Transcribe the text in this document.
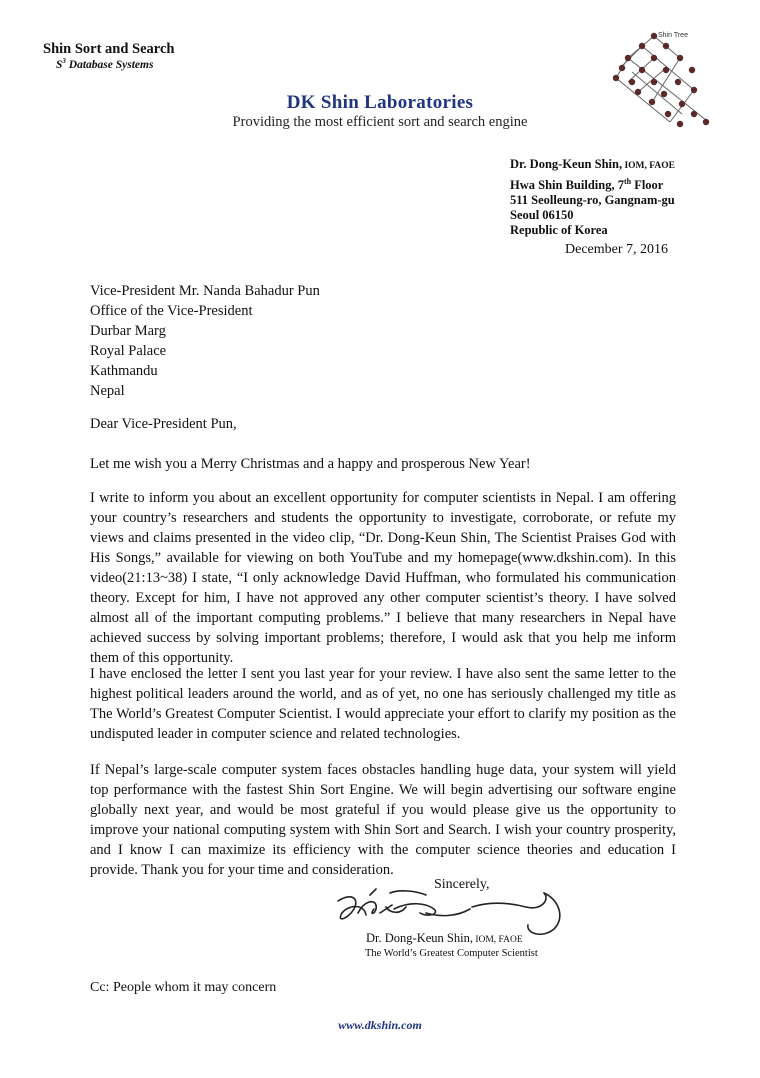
Shin Sort and Search
$S^3$ Database Systems
DK Shin Laboratories
Providing the most efficient sort and search engine
Shin Tree
Dr. Dong-Keun Shin, IOM, FAOE
Hwa Shin Building, 7th Floor
511 Seolleung-ro, Gangnam-gu
Seoul 06150
Republic of Korea
December 7, 2016
Vice-President Mr. Nanda Bahadur Pun
Office of the Vice-President
Durbar Marg
Royal Palace
Kathmandu
Nepal
Dear Vice-President Pun,

Let me wish you a Merry Christmas and a happy and prosperous New Year!

I write to inform you about an excellent opportunity for computer scientists in Nepal. I am offering your country’s researchers and students the opportunity to investigate, corroborate, or refute my views and claims presented in the video clip, “Dr. Dong-Keun Shin, The Scientist Praises God with His Songs,” available for viewing on both YouTube and my homepage(www.dkshin.com). In this video(21:13~38) I state, “I only acknowledge David Huffman, who formulated his communication theory. Except for him, I have not approved any other computer scientist’s theory. I have solved almost all of the important computing problems.” I believe that many researchers in Nepal have achieved success by solving important problems; therefore, I would ask that you help me inform them of this opportunity.

I have enclosed the letter I sent you last year for your review. I have also sent the same letter to the highest political leaders around the world, and as of yet, no one has seriously challenged my title as The World’s Greatest Computer Scientist. I would appreciate your effort to clarify my position as the undisputed leader in computer science and related technologies.

If Nepal’s large-scale computer system faces obstacles handling huge data, your system will yield top performance with the fastest Shin Sort Engine. We will begin advertising our software engine globally next year, and would be most grateful if you would please give us the opportunity to improve your national computing system with Shin Sort and Search. I wish your country prosperity, and I know I can maximize its efficiency with the computer science theories and education I provide. Thank you for your time and consideration.

Sincerely,
Dr. Dong-Keun Shin, IOM, FAOE
The World’s Greatest Computer Scientist
Cc: People whom it may concern
www.dkshin.com
